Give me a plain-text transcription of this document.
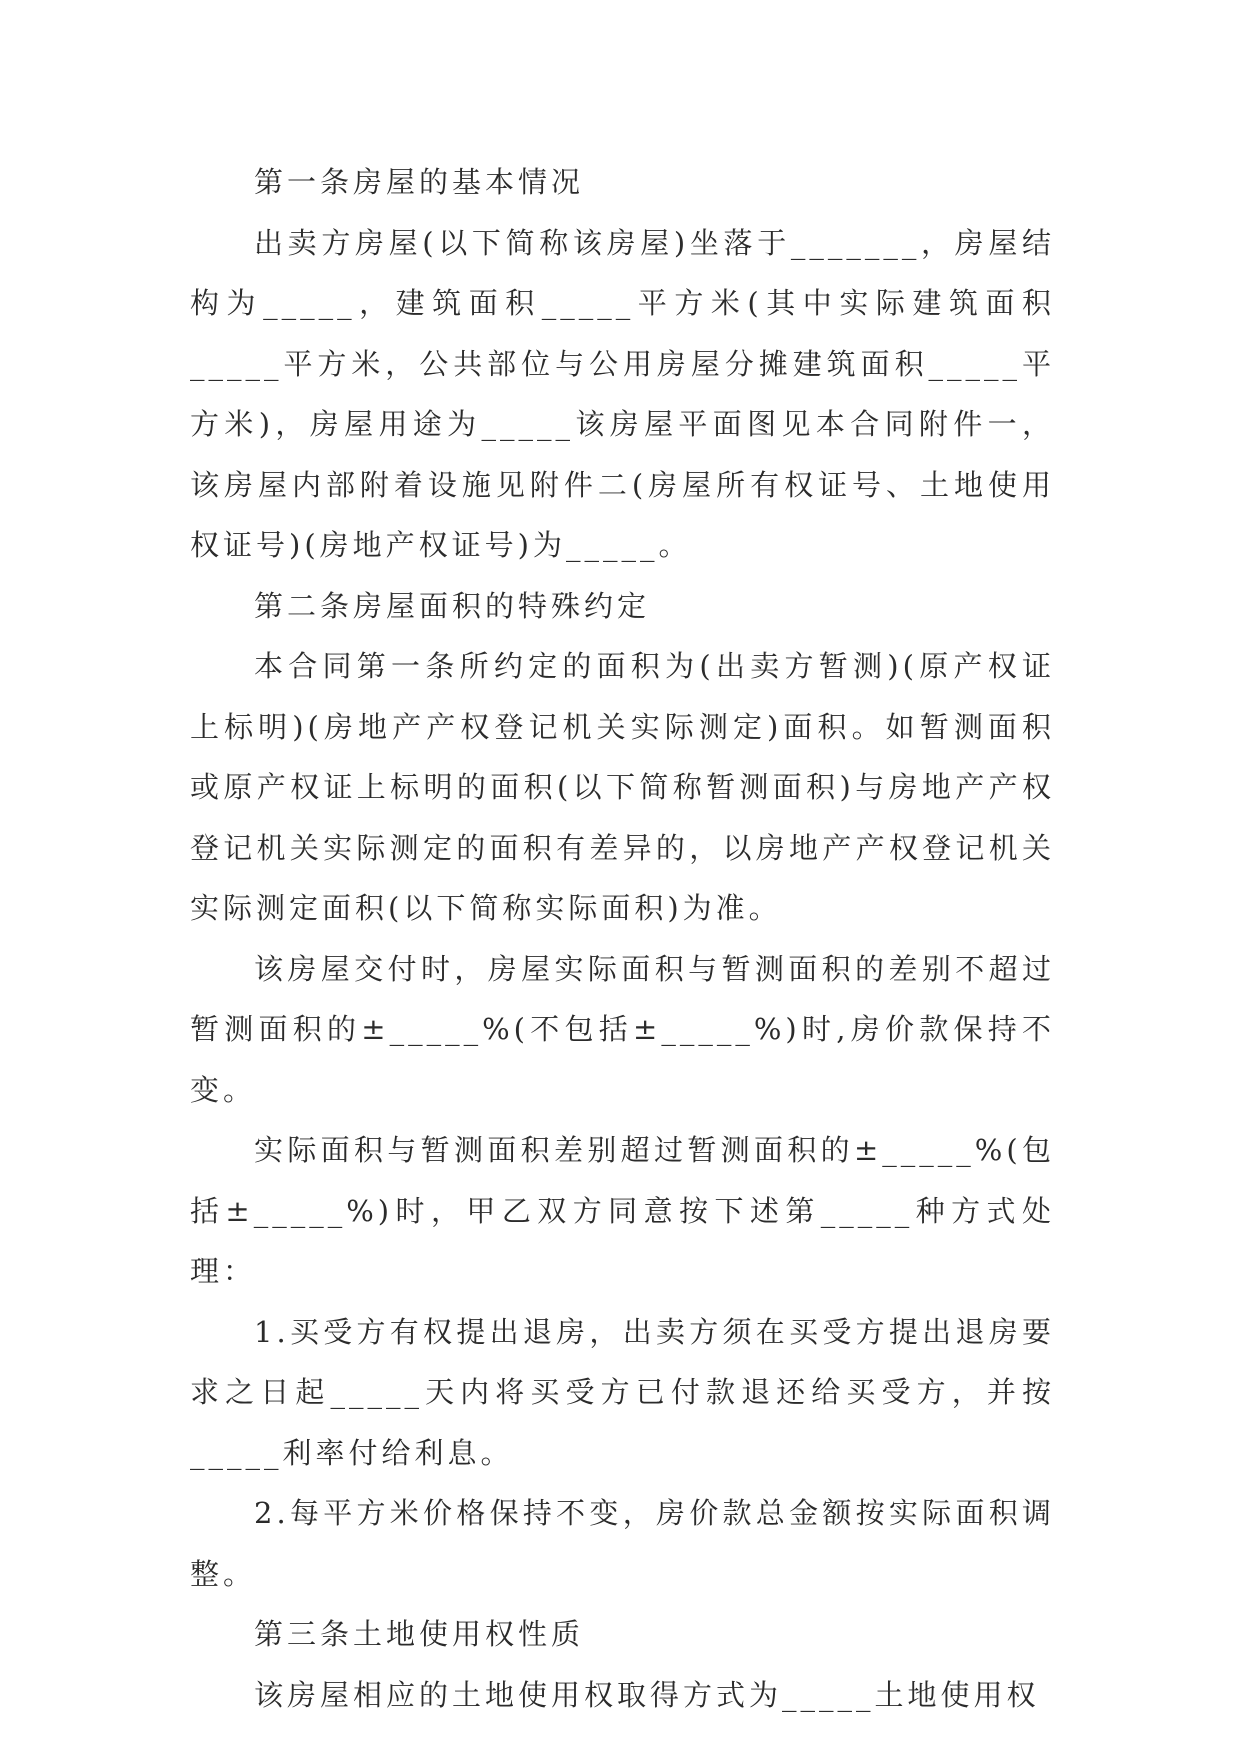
第一条房屋的基本情况

出卖方房屋(以下简称该房屋)坐落于_______，房屋结构为_____，建筑面积_____平方米(其中实际建筑面积_____平方米，公共部位与公用房屋分摊建筑面积_____平方米)，房屋用途为_____该房屋平面图见本合同附件一，该房屋内部附着设施见附件二(房屋所有权证号、土地使用权证号)(房地产权证号)为_____。

第二条房屋面积的特殊约定

本合同第一条所约定的面积为(出卖方暂测)(原产权证上标明)(房地产产权登记机关实际测定)面积。如暂测面积或原产权证上标明的面积(以下简称暂测面积)与房地产产权登记机关实际测定的面积有差异的，以房地产产权登记机关实际测定面积(以下简称实际面积)为准。

该房屋交付时，房屋实际面积与暂测面积的差别不超过暂测面积的±_____%(不包括±_____%)时,房价款保持不变。

实际面积与暂测面积差别超过暂测面积的±_____%(包括±_____%)时，甲乙双方同意按下述第_____种方式处理：

1.买受方有权提出退房，出卖方须在买受方提出退房要求之日起_____天内将买受方已付款退还给买受方，并按_____利率付给利息。

2.每平方米价格保持不变，房价款总金额按实际面积调整。

第三条土地使用权性质

该房屋相应的土地使用权取得方式为_____土地使用权
